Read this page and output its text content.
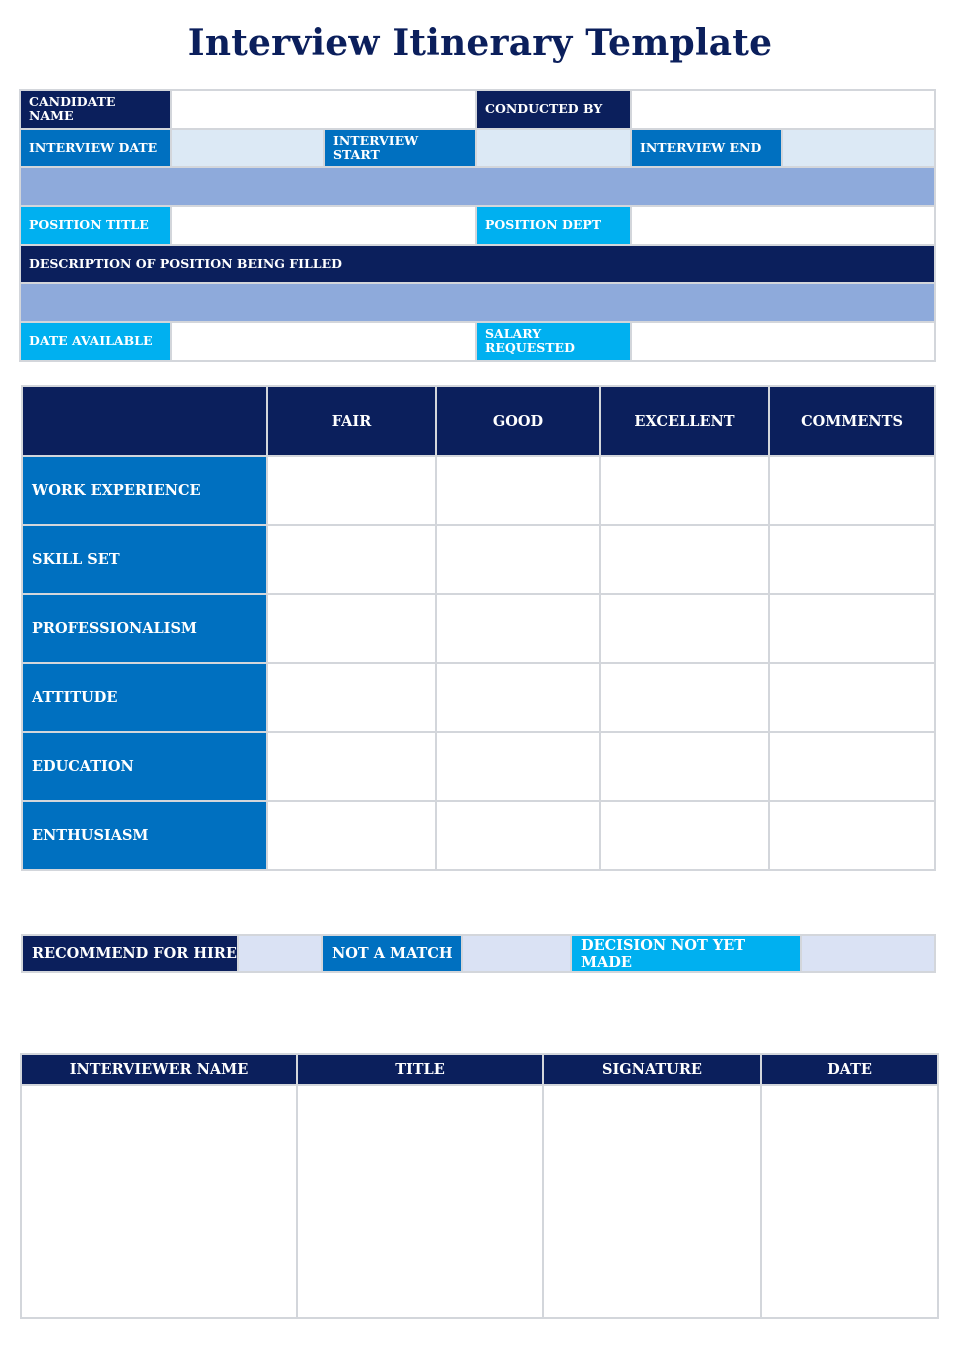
Interview Itinerary Template
CANDIDATE NAME			CONDUCTED BY		
INTERVIEW DATE		INTERVIEW START		INTERVIEW END	

POSITION TITLE			POSITION DEPT		
DESCRIPTION OF POSITION BEING FILLED					

DATE AVAILABLE			SALARY REQUESTED		
	FAIR	GOOD	EXCELLENT	COMMENTS
WORK EXPERIENCE				
SKILL SET				
PROFESSIONALISM				
ATTITUDE				
EDUCATION				
ENTHUSIASM				
RECOMMEND FOR HIRE		NOT A MATCH		DECISION NOT YET MADE	
INTERVIEWER NAME	TITLE	SIGNATURE	DATE
